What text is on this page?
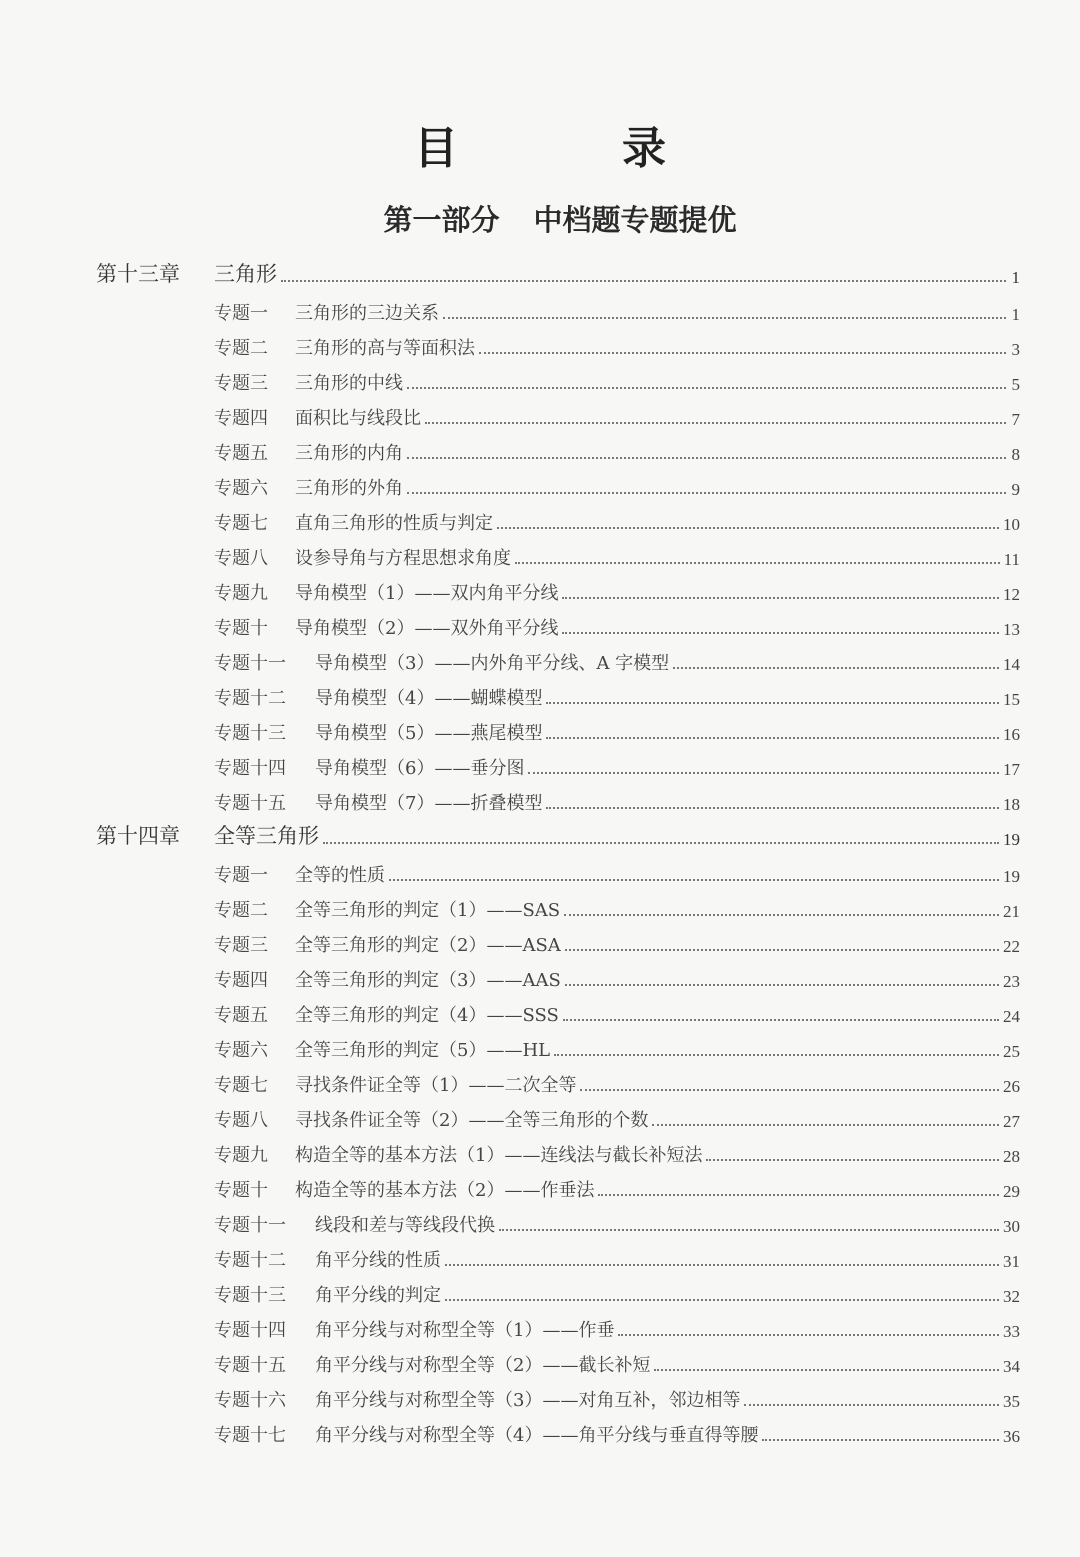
目　录
第一部分 中档题专题提优
第十三章	三角形	1
专题一	三角形的三边关系	1
专题二	三角形的高与等面积法	3
专题三	三角形的中线	5
专题四	面积比与线段比	7
专题五	三角形的内角	8
专题六	三角形的外角	9
专题七	直角三角形的性质与判定	10
专题八	设参导角与方程思想求角度	11
专题九	导角模型（1）——双内角平分线	12
专题十	导角模型（2）——双外角平分线	13
专题十一	导角模型（3）——内外角平分线、A 字模型	14
专题十二	导角模型（4）——蝴蝶模型	15
专题十三	导角模型（5）——燕尾模型	16
专题十四	导角模型（6）——垂分图	17
专题十五	导角模型（7）——折叠模型	18
第十四章	全等三角形	19
专题一	全等的性质	19
专题二	全等三角形的判定（1）——SAS	21
专题三	全等三角形的判定（2）——ASA	22
专题四	全等三角形的判定（3）——AAS	23
专题五	全等三角形的判定（4）——SSS	24
专题六	全等三角形的判定（5）——HL	25
专题七	寻找条件证全等（1）——二次全等	26
专题八	寻找条件证全等（2）——全等三角形的个数	27
专题九	构造全等的基本方法（1）——连线法与截长补短法	28
专题十	构造全等的基本方法（2）——作垂法	29
专题十一	线段和差与等线段代换	30
专题十二	角平分线的性质	31
专题十三	角平分线的判定	32
专题十四	角平分线与对称型全等（1）——作垂	33
专题十五	角平分线与对称型全等（2）——截长补短	34
专题十六	角平分线与对称型全等（3）——对角互补，邻边相等	35
专题十七	角平分线与对称型全等（4）——角平分线与垂直得等腰	36
